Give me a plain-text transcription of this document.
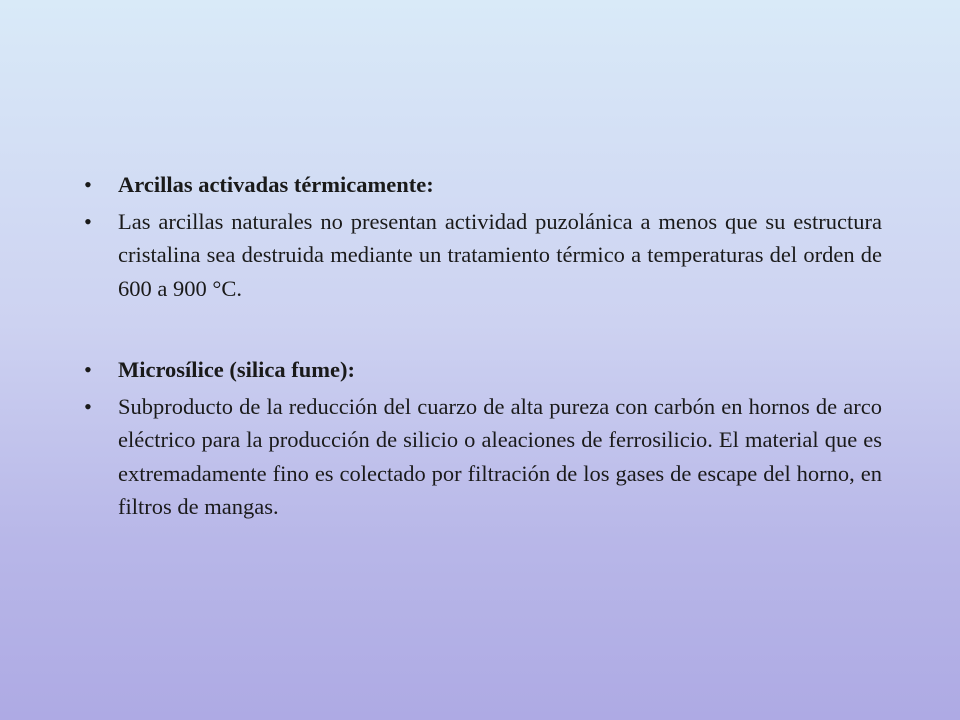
•	Arcillas activadas térmicamente:
•	Las arcillas naturales no presentan actividad puzolánica a menos que su estructura cristalina sea destruida mediante un tratamiento térmico a temperaturas del orden de 600 a 900 °C.
•	Microsílice (silica fume):
•	Subproducto de la reducción del cuarzo de alta pureza con carbón en hornos de arco eléctrico para la producción de silicio o aleaciones de ferrosilicio. El material que es extremadamente fino es colectado por filtración de los gases de escape del horno, en filtros de mangas.
